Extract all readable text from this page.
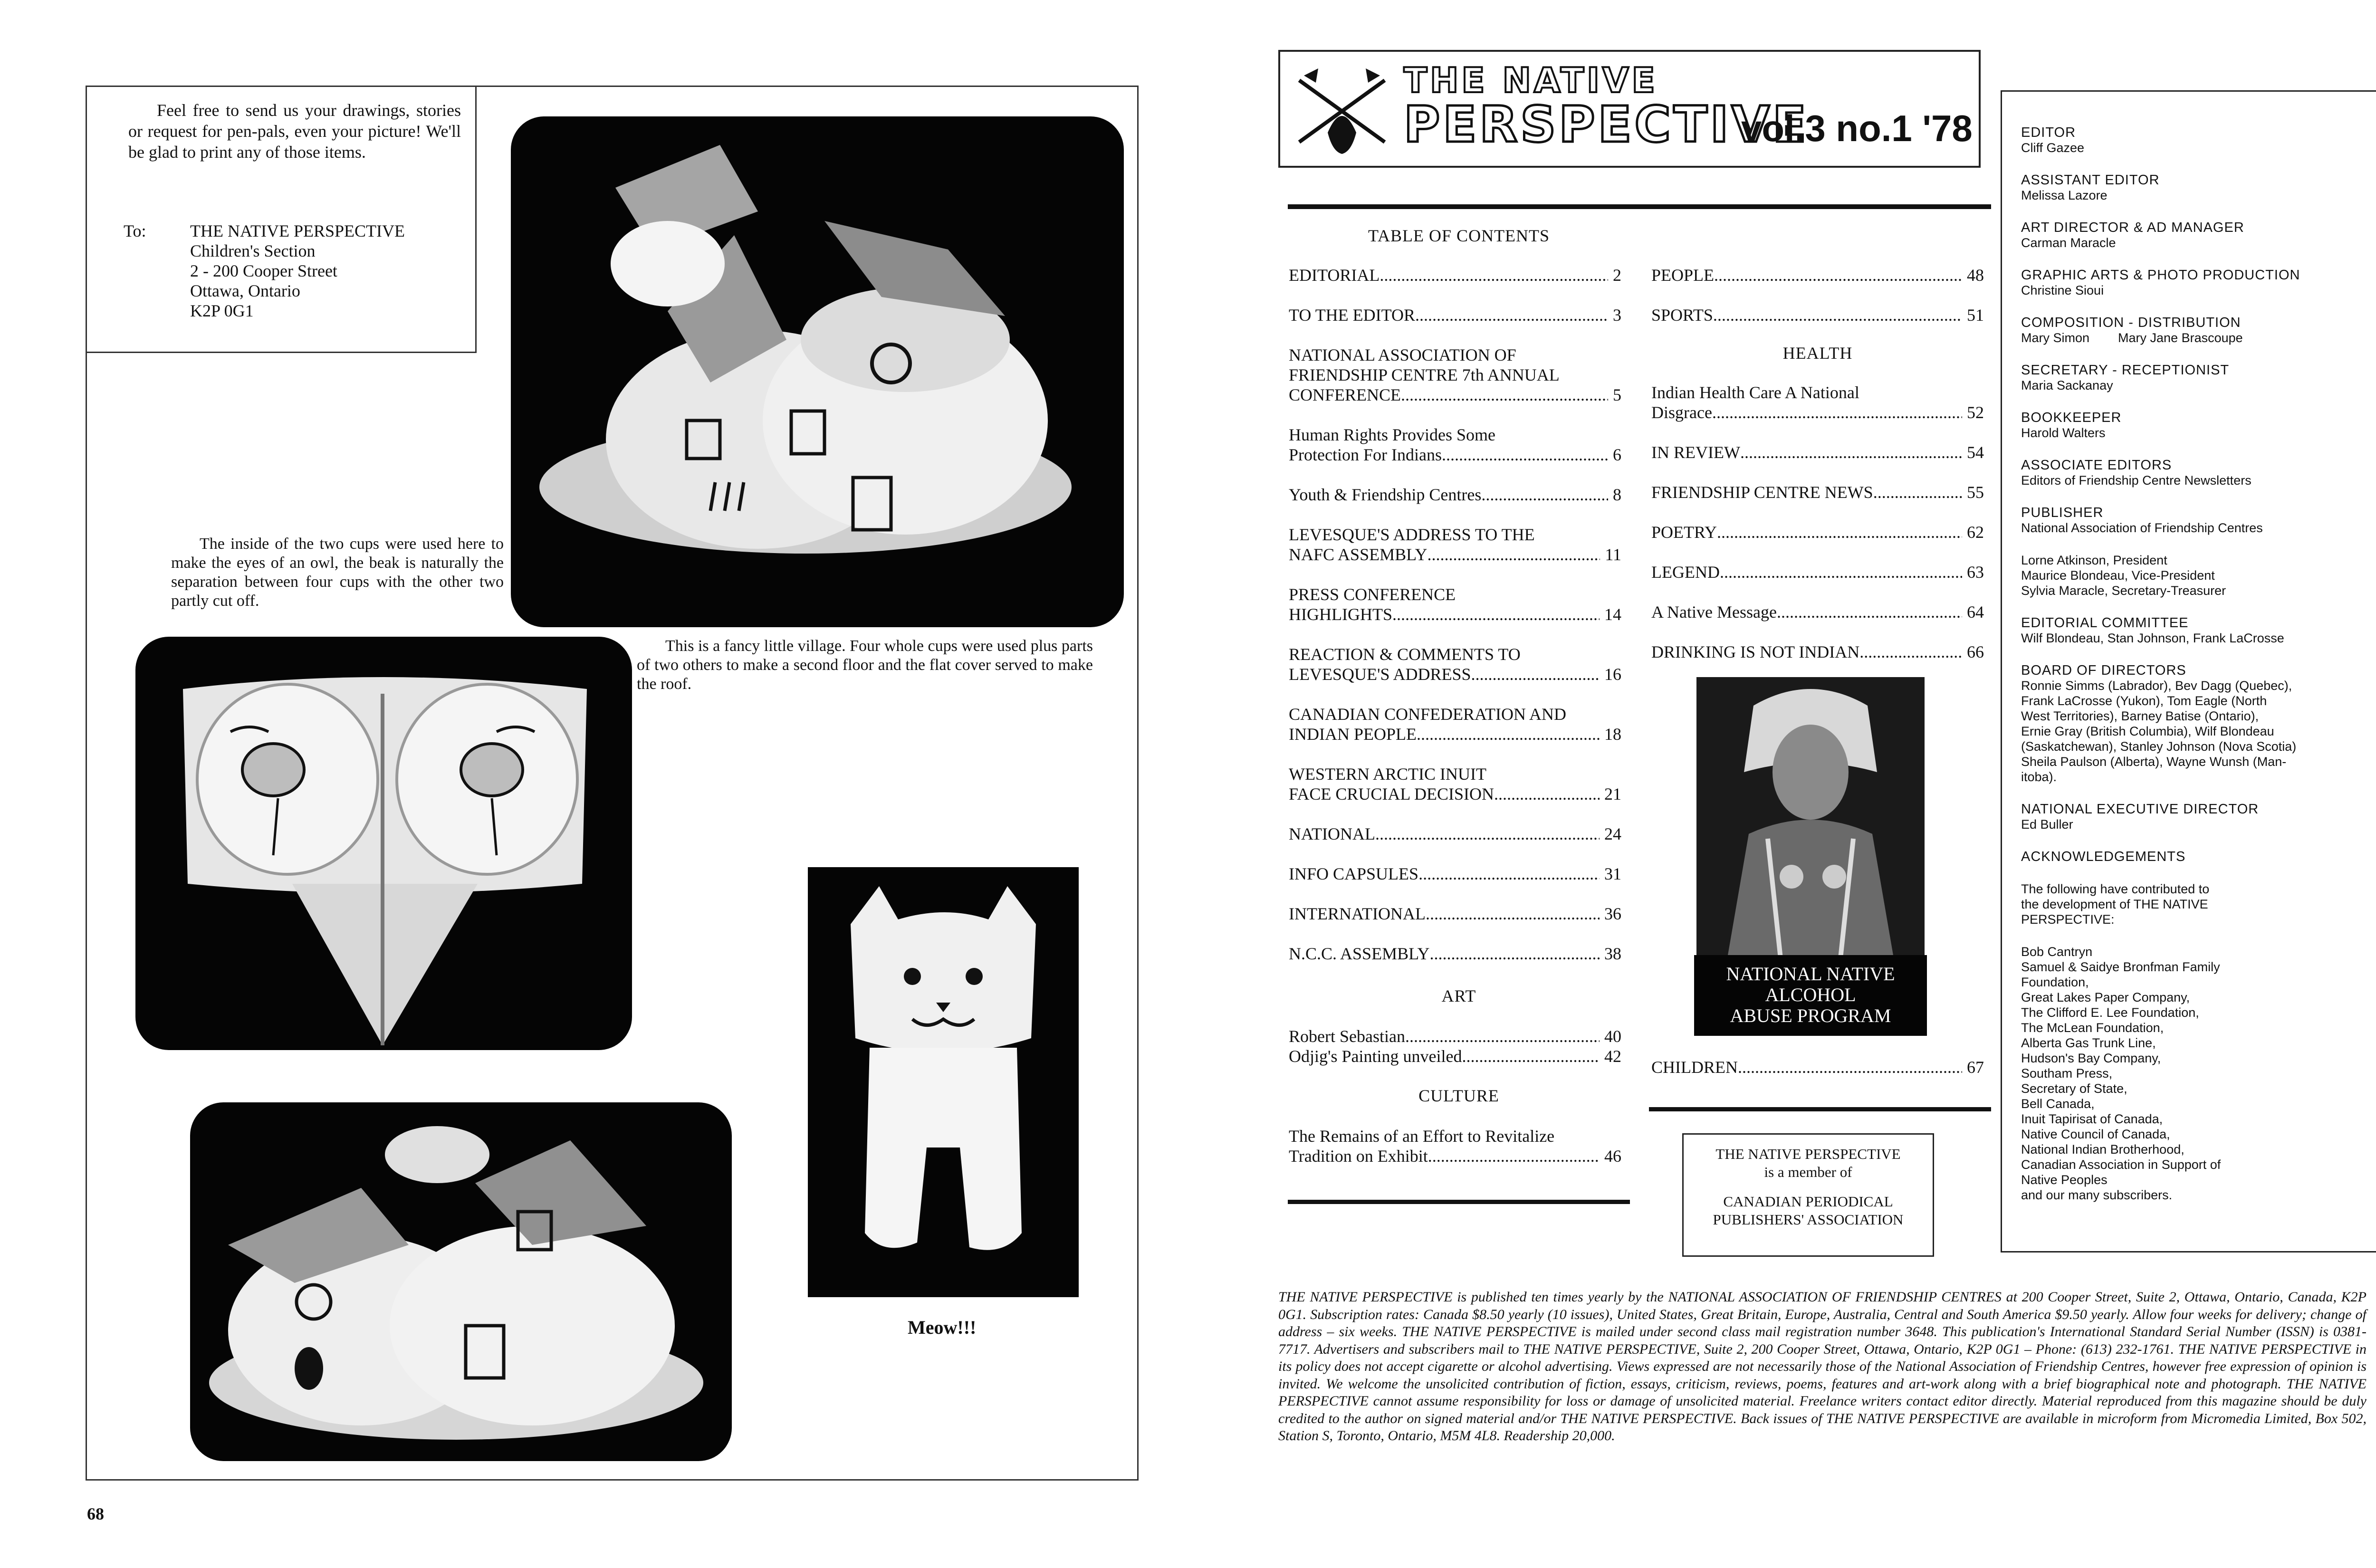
Feel free to send us your drawings, stories or request for pen-pals, even your picture! We'll be glad to print any of those items.
To:	THE NATIVE PERSPECTIVE
Children's Section
2 - 200 Cooper Street
Ottawa, Ontario
K2P 0G1
The inside of the two cups were used here to make the eyes of an owl, the beak is naturally the separation between four cups with the other two partly cut off.
This is a fancy little village. Four whole cups were used plus parts of two others to make a second floor and the flat cover served to make the roof.
Meow!!!
68
THE NATIVE
PERSPECTIVE
vol.3 no.1 '78
TABLE OF CONTENTS
EDITORIAL .....	2
TO THE EDITOR .....	3
NATIONAL ASSOCIATION OF
FRIENDSHIP CENTRE 7th ANNUAL
CONFERENCE .....	5
Human Rights Provides Some
Protection For Indians .....	6
Youth & Friendship Centres .....	8
LEVESQUE'S ADDRESS TO THE
NAFC ASSEMBLY .....	11
PRESS CONFERENCE
HIGHLIGHTS .....	14
REACTION & COMMENTS TO
LEVESQUE'S ADDRESS .....	16
CANADIAN CONFEDERATION AND
INDIAN PEOPLE .....	18
WESTERN ARCTIC INUIT
FACE CRUCIAL DECISION .....	21
NATIONAL .....	24
INFO CAPSULES .....	31
INTERNATIONAL .....	36
N.C.C. ASSEMBLY .....	38
ART
Robert Sebastian .....	40
Odjig's Painting unveiled .....	42
CULTURE
The Remains of an Effort to Revitalize
Tradition on Exhibit .....	46
PEOPLE .....	48
SPORTS .....	51
HEALTH
Indian Health Care A National
Disgrace .....	52
IN REVIEW .....	54
FRIENDSHIP CENTRE NEWS .....	55
POETRY .....	62
LEGEND .....	63
A Native Message .....	64
DRINKING IS NOT INDIAN .....	66
NATIONAL NATIVE
ALCOHOL
ABUSE PROGRAM
CHILDREN .....	67
THE NATIVE PERSPECTIVE
is a member of
CANADIAN PERIODICAL
PUBLISHERS' ASSOCIATION
EDITOR
Cliff Gazee
ASSISTANT EDITOR
Melissa Lazore
ART DIRECTOR & AD MANAGER
Carman Maracle
GRAPHIC ARTS & PHOTO PRODUCTION
Christine Sioui
COMPOSITION - DISTRIBUTION
Mary Simon        Mary Jane Brascoupe
SECRETARY - RECEPTIONIST
Maria Sackanay
BOOKKEEPER
Harold Walters
ASSOCIATE EDITORS
Editors of Friendship Centre Newsletters
PUBLISHER
National Association of Friendship Centres
Lorne Atkinson, President
Maurice Blondeau, Vice-President
Sylvia Maracle, Secretary-Treasurer
EDITORIAL COMMITTEE
Wilf Blondeau, Stan Johnson, Frank LaCrosse
BOARD OF DIRECTORS
Ronnie Simms (Labrador), Bev Dagg (Quebec),
Frank LaCrosse (Yukon), Tom Eagle (North
West Territories), Barney Batise (Ontario),
Ernie Gray (British Columbia), Wilf Blondeau
(Saskatchewan), Stanley Johnson (Nova Scotia)
Sheila Paulson (Alberta), Wayne Wunsh (Man-
itoba).
NATIONAL EXECUTIVE DIRECTOR
Ed Buller
ACKNOWLEDGEMENTS
The following have contributed to
the development of THE NATIVE
PERSPECTIVE:
Bob Cantryn
Samuel & Saidye Bronfman Family
Foundation,
Great Lakes Paper Company,
The Clifford E. Lee Foundation,
The McLean Foundation,
Alberta Gas Trunk Line,
Hudson's Bay Company,
Southam Press,
Secretary of State,
Bell Canada,
Inuit Tapirisat of Canada,
Native Council of Canada,
National Indian Brotherhood,
Canadian Association in Support of
Native Peoples
and our many subscribers.
THE NATIVE PERSPECTIVE is published ten times yearly by the NATIONAL ASSOCIATION OF FRIENDSHIP CENTRES at 200 Cooper Street, Suite 2, Ottawa, Ontario, Canada, K2P 0G1. Subscription rates: Canada $8.50 yearly (10 issues), United States, Great Britain, Europe, Australia, Central and South America $9.50 yearly. Allow four weeks for delivery; change of address – six weeks. THE NATIVE PERSPECTIVE is mailed under second class mail registration number 3648. This publication's International Standard Serial Number (ISSN) is 0381-7717. Advertisers and subscribers mail to THE NATIVE PERSPECTIVE, Suite 2, 200 Cooper Street, Ottawa, Ontario, K2P 0G1 – Phone: (613) 232-1761. THE NATIVE PERSPECTIVE in its policy does not accept cigarette or alcohol advertising. Views expressed are not necessarily those of the National Association of Friendship Centres, however free expression of opinion is invited. We welcome the unsolicited contribution of fiction, essays, criticism, reviews, poems, features and art-work along with a brief biographical note and photograph. THE NATIVE PERSPECTIVE cannot assume responsibility for loss or damage of unsolicited material. Freelance writers contact editor directly. Material reproduced from this magazine should be duly credited to the author on signed material and/or THE NATIVE PERSPECTIVE. Back issues of THE NATIVE PERSPECTIVE are available in microform from Micromedia Limited, Box 502, Station S, Toronto, Ontario, M5M 4L8. Readership 20,000.
